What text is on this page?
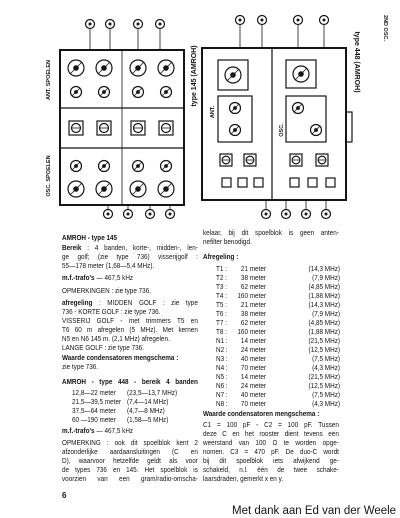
ANT. SPOELEN
OSC. SPOELEN
type 145 (AMROH)
ANT.
OSC.
type 448 (AMROH)
2ND OSC.
AMROH - type 145
Bereik : 4 banden, korte-, midden-, len-
ge golf; (zie type 736) visserijgolf :
55—178 meter (1,68—5,4 MHz).
m.f.-trafo's — 467,5 kHz
OPMERKINGEN : zie type 736.
afregeling : MIDDEN GOLF : zie type
736 - KORTE GOLF : zie type 736.
VISSERIJ GOLF - met trimmers T5 en
T6 60 m afregelen (5 MHz). Met kernen
N5 en N6 145 m. (2,1 MHz) afregelen.
LANGE GOLF : zie type 736.
Waarde condensatoren mengschema :
zie type 736.
AMROH - type 448 - bereik 4 banden
12,8—22 meter (23,5—13,7 MHz)
21,5—39,5 meter (7,4—14 MHz)
37,5—64 meter (4,7—8 MHz)
60 —190 meter (1,58—5 MHz)
m.f.-trafo's — 467,5 kHz
OPMERKING : ook dit spoelblok kent 2
afzonderlijke aardaansluitingen (C en
D), waarvoor hetzelfde geldt als voor
de types 736 en 145. Het spoelblok is
voorzien van een gram/radio-omscha-
kelaar, bij dit spoelblok is geen anten-
nefilter benodigd.
Afregeling :
T1 :	21 meter	(14,3 MHz)
T2 :	38 meter	(7,9 MHz)
T3 :	62 meter	(4,85 MHz)
T4 :	160 meter	(1,88 MHz)
T5 :	21 meter	(14,3 MHz)
T6 :	38 meter	(7,9 MHz)
T7 :	62 meter	(4,85 MHz)
T8 :	160 meter	(1,88 MHz)
N1 :	14 meter	(21,5 MHz)
N2 :	24 meter	(12,5 MHz)
N3 :	40 meter	(7,5 MHz)
N4 :	70 meter	(4,3 MHz)
N5 :	14 meter	(21,5 MHz)
N6 :	24 meter	(12,5 MHz)
N7 :	40 meter	(7,5 MHz)
N8 :	70 meter	(4,3 MHz)
Waarde condensatoren mengschema :
C1 = 100 pF - C2 = 100 pF. Tussen
deze C en het rooster dient tevens een
weerstand van 100 Ω te worden opge-
nomen. C3 = 470 pF. De duo-C wordt
bij dit spoelblok iets afwijkend ge-
schakeld, n.l. één de twee schake-
laarsdraden, gemerkt x en y.
6
Met dank aan Ed van der Weele
